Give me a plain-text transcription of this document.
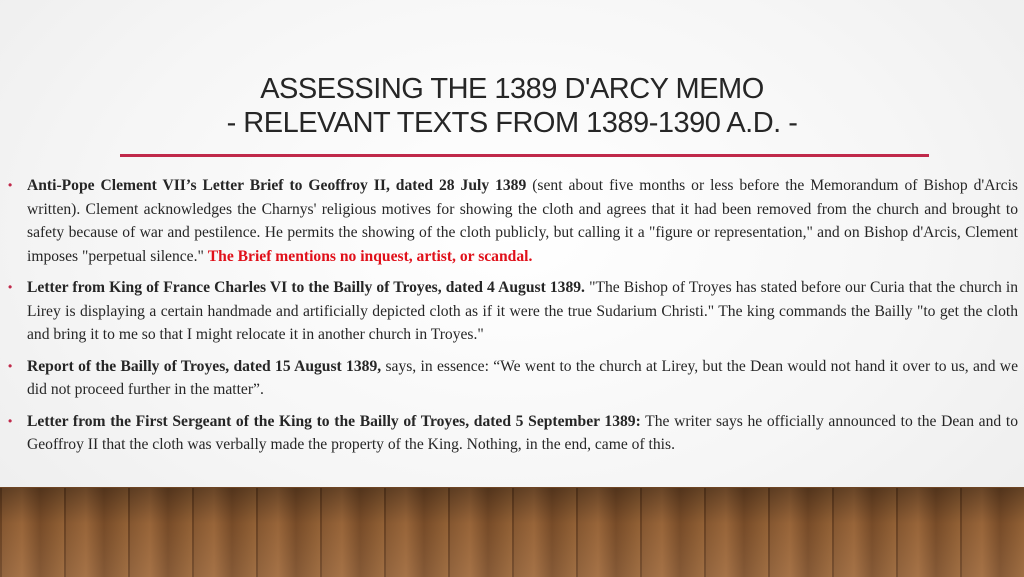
ASSESSING THE 1389 D'ARCY MEMO
- RELEVANT TEXTS FROM 1389-1390 A.D. -
• Anti-Pope Clement VII’s Letter Brief to Geoffroy II, dated 28 July 1389 (sent about five months or less before the Memorandum of Bishop d'Arcis written). Clement acknowledges the Charnys' religious motives for showing the cloth and agrees that it had been removed from the church and brought to safety because of war and pestilence. He permits the showing of the cloth publicly, but calling it a "figure or representation," and on Bishop d'Arcis, Clement imposes "perpetual silence." The Brief mentions no inquest, artist, or scandal.
• Letter from King of France Charles VI to the Bailly of Troyes, dated 4 August 1389. "The Bishop of Troyes has stated before our Curia that the church in Lirey is displaying a certain handmade and artificially depicted cloth as if it were the true Sudarium Christi." The king commands the Bailly "to get the cloth and bring it to me so that I might relocate it in another church in Troyes."
• Report of the Bailly of Troyes, dated 15 August 1389, says, in essence: “We went to the church at Lirey, but the Dean would not hand it over to us, and we did not proceed further in the matter”.
• Letter from the First Sergeant of the King to the Bailly of Troyes, dated 5 September 1389: The writer says he officially announced to the Dean and to Geoffroy II that the cloth was verbally made the property of the King. Nothing, in the end, came of this.
